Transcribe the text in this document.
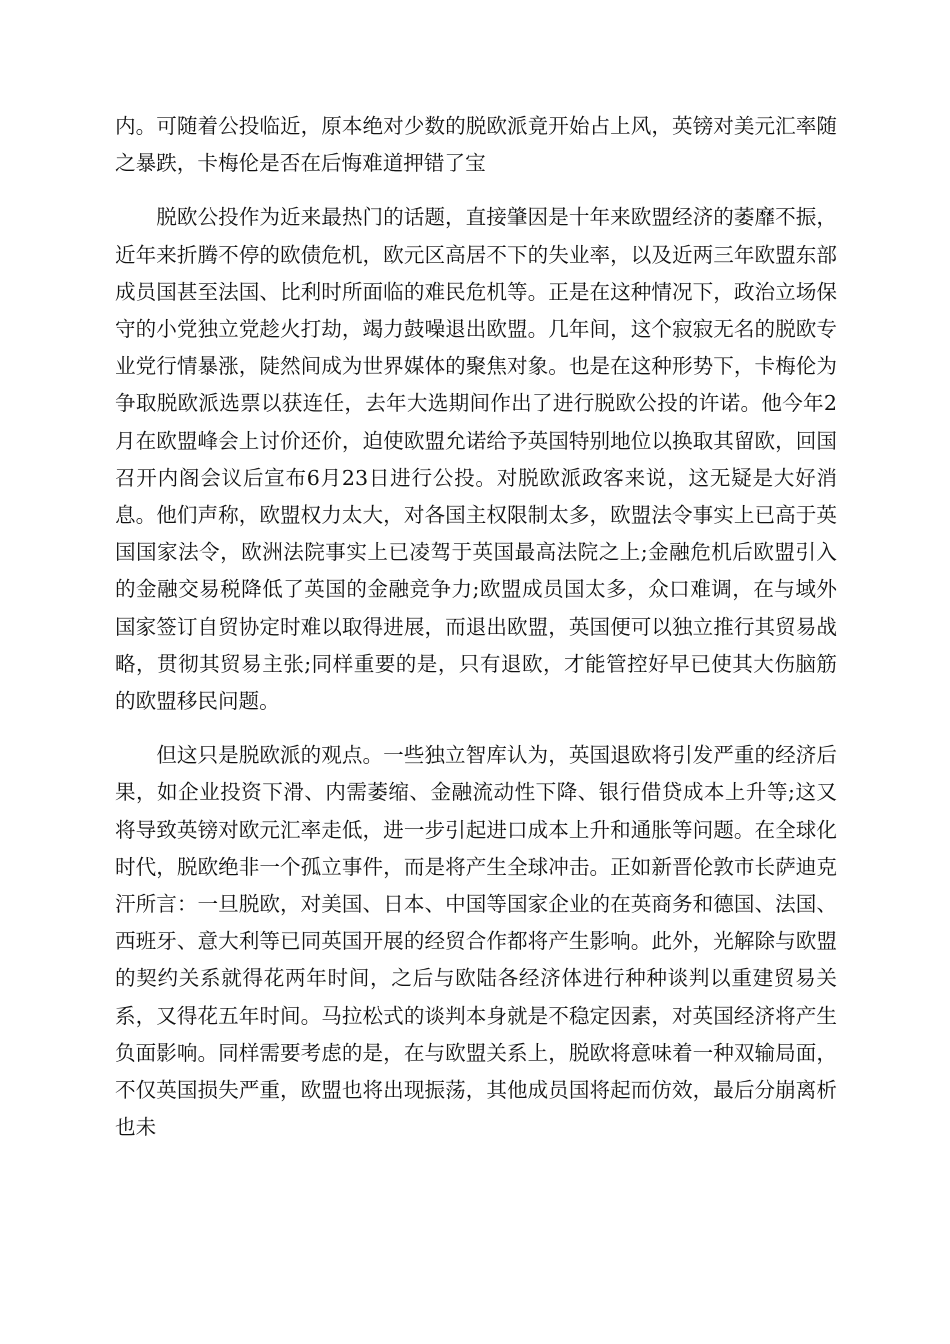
内。可随着公投临近，原本绝对少数的脱欧派竟开始占上风，英镑对美元汇率随之暴跌，卡梅伦是否在后悔难道押错了宝

脱欧公投作为近来最热门的话题，直接肇因是十年来欧盟经济的萎靡不振，近年来折腾不停的欧债危机，欧元区高居不下的失业率，以及近两三年欧盟东部成员国甚至法国、比利时所面临的难民危机等。正是在这种情况下，政治立场保守的小党独立党趁火打劫，竭力鼓噪退出欧盟。几年间，这个寂寂无名的脱欧专业党行情暴涨，陡然间成为世界媒体的聚焦对象。也是在这种形势下，卡梅伦为争取脱欧派选票以获连任，去年大选期间作出了进行脱欧公投的许诺。他今年2月在欧盟峰会上讨价还价，迫使欧盟允诺给予英国特别地位以换取其留欧，回国召开内阁会议后宣布6月23日进行公投。对脱欧派政客来说，这无疑是大好消息。他们声称，欧盟权力太大，对各国主权限制太多，欧盟法令事实上已高于英国国家法令，欧洲法院事实上已凌驾于英国最高法院之上;金融危机后欧盟引入的金融交易税降低了英国的金融竞争力;欧盟成员国太多，众口难调，在与域外国家签订自贸协定时难以取得进展，而退出欧盟，英国便可以独立推行其贸易战略，贯彻其贸易主张;同样重要的是，只有退欧，才能管控好早已使其大伤脑筋的欧盟移民问题。

但这只是脱欧派的观点。一些独立智库认为，英国退欧将引发严重的经济后果，如企业投资下滑、内需萎缩、金融流动性下降、银行借贷成本上升等;这又将导致英镑对欧元汇率走低，进一步引起进口成本上升和通胀等问题。在全球化时代，脱欧绝非一个孤立事件，而是将产生全球冲击。正如新晋伦敦市长萨迪克汗所言：一旦脱欧，对美国、日本、中国等国家企业的在英商务和德国、法国、西班牙、意大利等已同英国开展的经贸合作都将产生影响。此外，光解除与欧盟的契约关系就得花两年时间，之后与欧陆各经济体进行种种谈判以重建贸易关系，又得花五年时间。马拉松式的谈判本身就是不稳定因素，对英国经济将产生负面影响。同样需要考虑的是，在与欧盟关系上，脱欧将意味着一种双输局面，不仅英国损失严重，欧盟也将出现振荡，其他成员国将起而仿效，最后分崩离析也未
